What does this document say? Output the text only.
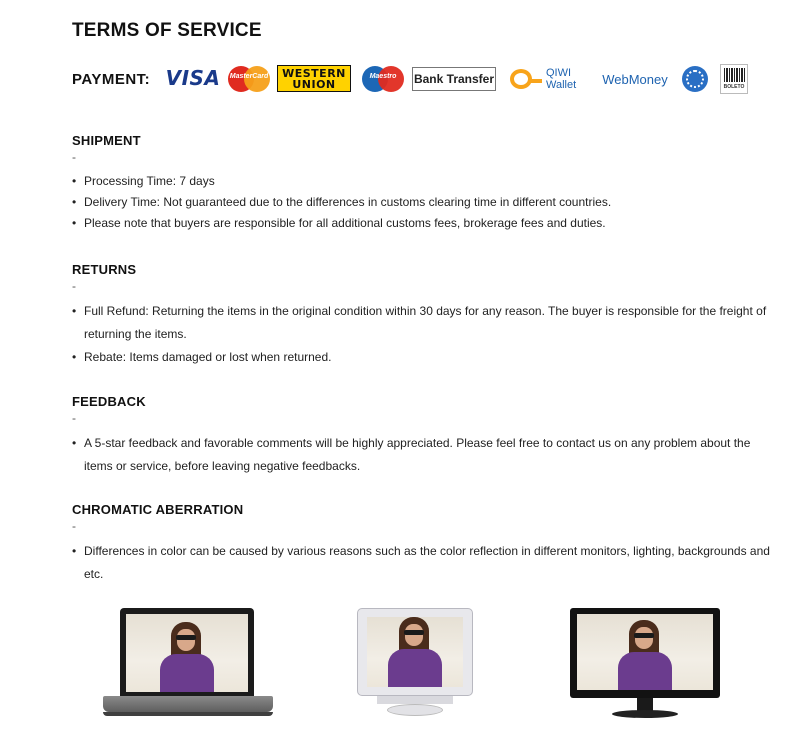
TERMS OF SERVICE
PAYMENT: VISA MasterCard WESTERN
UNION
Maestro	Bank Transfer	QIWI
Wallet WebMoney
BOLETO
SHIPMENT
-
• Processing Time: 7 days
• Delivery Time: Not guaranteed due to the differences in customs clearing time in different countries.
• Please note that buyers are responsible for all additional customs fees, brokerage fees and duties.
RETURNS
-
• Full Refund: Returning the items in the original condition within 30 days for any reason. The buyer is responsible for the freight of returning the items.
• Rebate: Items damaged or lost when returned.
FEEDBACK
-
• A 5-star feedback and favorable comments will be highly appreciated. Please feel free to contact us on any problem about the items or service, before leaving negative feedbacks.
CHROMATIC ABERRATION
-
• Differences in color can be caused by various reasons such as the color reflection in different monitors, lighting, backgrounds and etc.
